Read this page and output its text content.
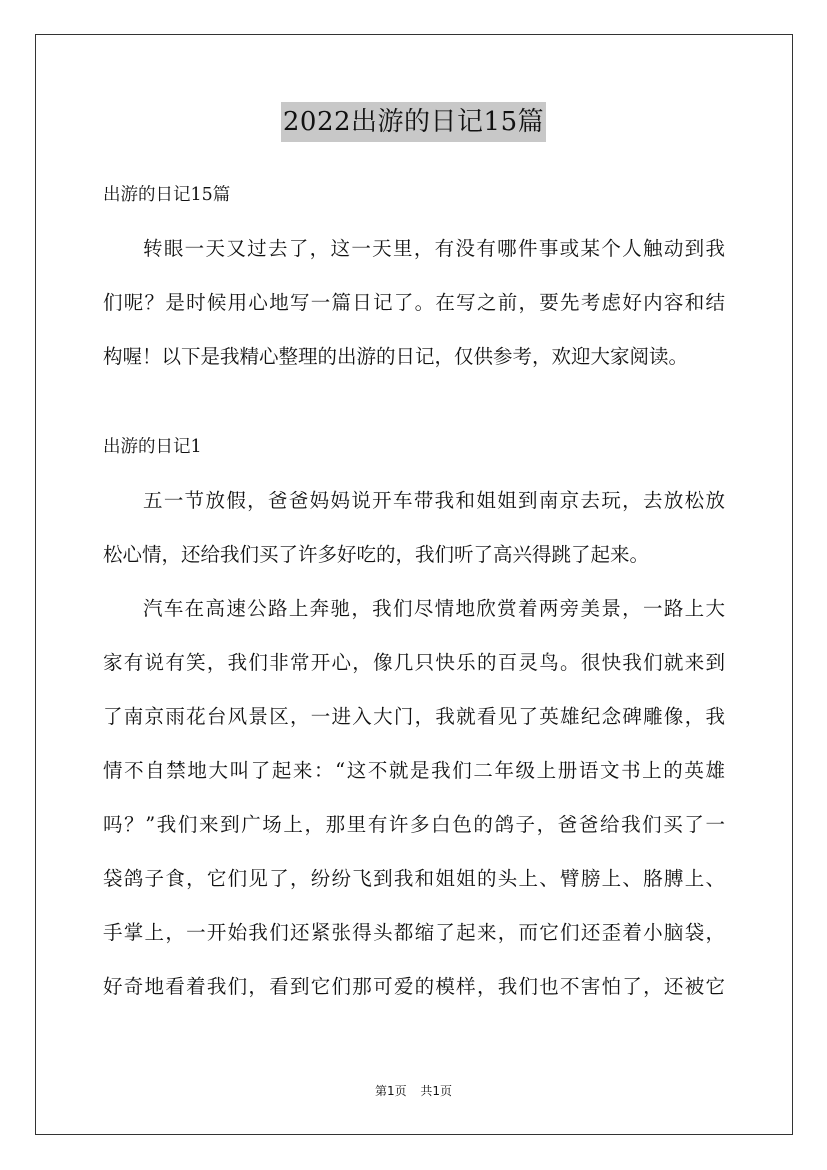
2022出游的日记15篇
出游的日记15篇
转眼一天又过去了，这一天里，有没有哪件事或某个人触动到我
们呢？是时候用心地写一篇日记了。在写之前，要先考虑好内容和结
构喔！以下是我精心整理的出游的日记，仅供参考，欢迎大家阅读。
出游的日记1
五一节放假，爸爸妈妈说开车带我和姐姐到南京去玩，去放松放
松心情，还给我们买了许多好吃的，我们听了高兴得跳了起来。
汽车在高速公路上奔驰，我们尽情地欣赏着两旁美景，一路上大
家有说有笑，我们非常开心，像几只快乐的百灵鸟。很快我们就来到
了南京雨花台风景区，一进入大门，我就看见了英雄纪念碑雕像，我
情不自禁地大叫了起来：“这不就是我们二年级上册语文书上的英雄
吗？”我们来到广场上，那里有许多白色的鸽子，爸爸给我们买了一
袋鸽子食，它们见了，纷纷飞到我和姐姐的头上、臂膀上、胳膊上、
手掌上，一开始我们还紧张得头都缩了起来，而它们还歪着小脑袋，
好奇地看着我们，看到它们那可爱的模样，我们也不害怕了，还被它
第1页 共1页
